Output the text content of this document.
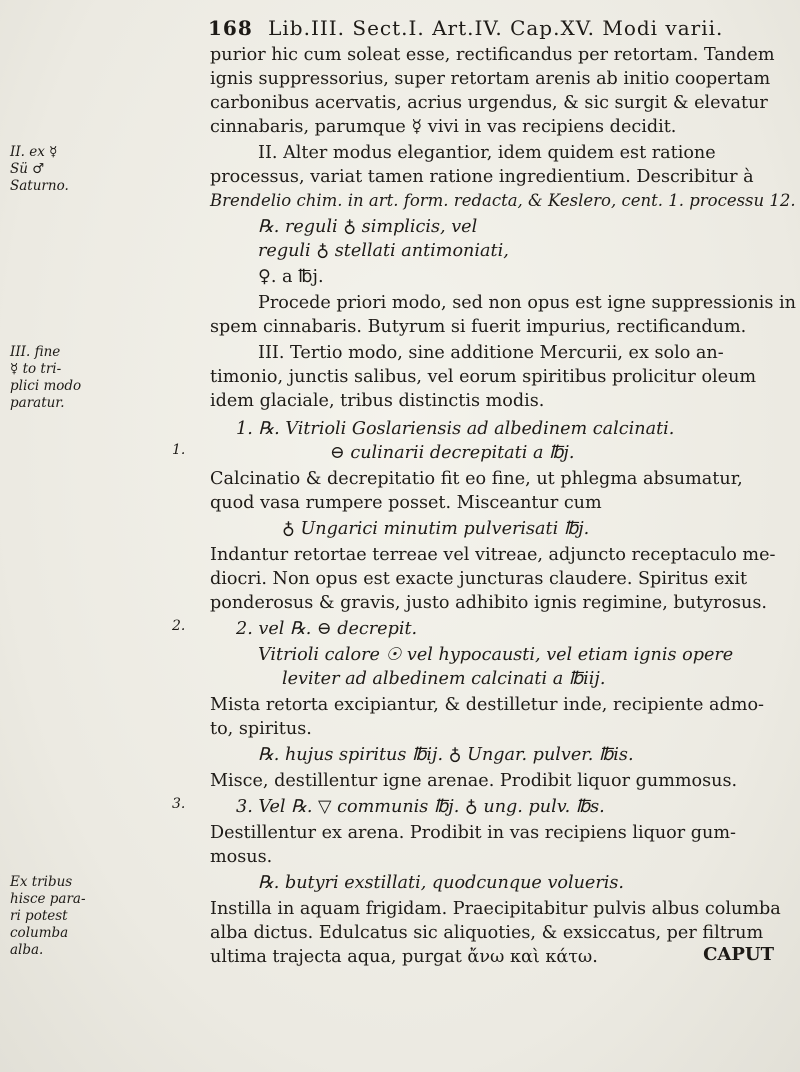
168 Lib.III. Sect.I. Art.IV. Cap.XV. Modi varii.
purior hic cum soleat esse, rectificandus per retortam. Tandem
ignis suppressorius, super retortam arenis ab initio coopertam
carbonibus acervatis, acrius urgendus, & sic surgit & elevatur
cinnabaris, parumque ☿ vivi in vas recipiens decidit.
II. Alter modus elegantior, idem quidem est ratione
processus, variat tamen ratione ingredientium. Describitur à
Brendelio chim. in art. form. redacta, & Keslero, cent. 1. processu 12.
℞. reguli ♁ simplicis, vel
reguli ♁ stellati antimoniati,
♀. a ℔j.
Procede priori modo, sed non opus est igne suppressionis in
spem cinnabaris. Butyrum si fuerit impurius, rectificandum.
III. Tertio modo, sine additione Mercurii, ex solo an-
timonio, junctis salibus, vel eorum spiritibus prolicitur oleum
idem glaciale, tribus distinctis modis.
1. ℞. Vitrioli Goslariensis ad albedinem calcinati.
⊖ culinarii decrepitati a ℔j.
Calcinatio & decrepitatio fit eo fine, ut phlegma absumatur,
quod vasa rumpere posset. Misceantur cum
♁ Ungarici minutim pulverisati ℔j.
Indantur retortae terreae vel vitreae, adjuncto receptaculo me-
diocri. Non opus est exacte juncturas claudere. Spiritus exit
ponderosus & gravis, justo adhibito ignis regimine, butyrosus.
2. vel ℞. ⊖ decrepit.
Vitrioli calore ☉ vel hypocausti, vel etiam ignis opere
leviter ad albedinem calcinati a ℔iij.
Mista retorta excipiantur, & destilletur inde, recipiente admo-
to, spiritus.
℞. hujus spiritus ℔ij. ♁ Ungar. pulver. ℔is.
Misce, destillentur igne arenae. Prodibit liquor gummosus.
3. Vel ℞. ▽ communis ℔j. ♁ ung. pulv. ℔s.
Destillentur ex arena. Prodibit in vas recipiens liquor gum-
mosus.
℞. butyri exstillati, quodcunque volueris.
Instilla in aquam frigidam. Praecipitabitur pulvis albus columba
alba dictus. Edulcatus sic aliquoties, & exsiccatus, per filtrum
ultima trajecta aqua, purgat ἄνω καὶ κάτω.
II. ex ☿
Sü ♂
Saturno.
III. fine
☿ to tri-
plici modo
paratur.
1.
2.
3.
Ex tribus
hisce para-
ri potest
columba
alba.	CAPUT
